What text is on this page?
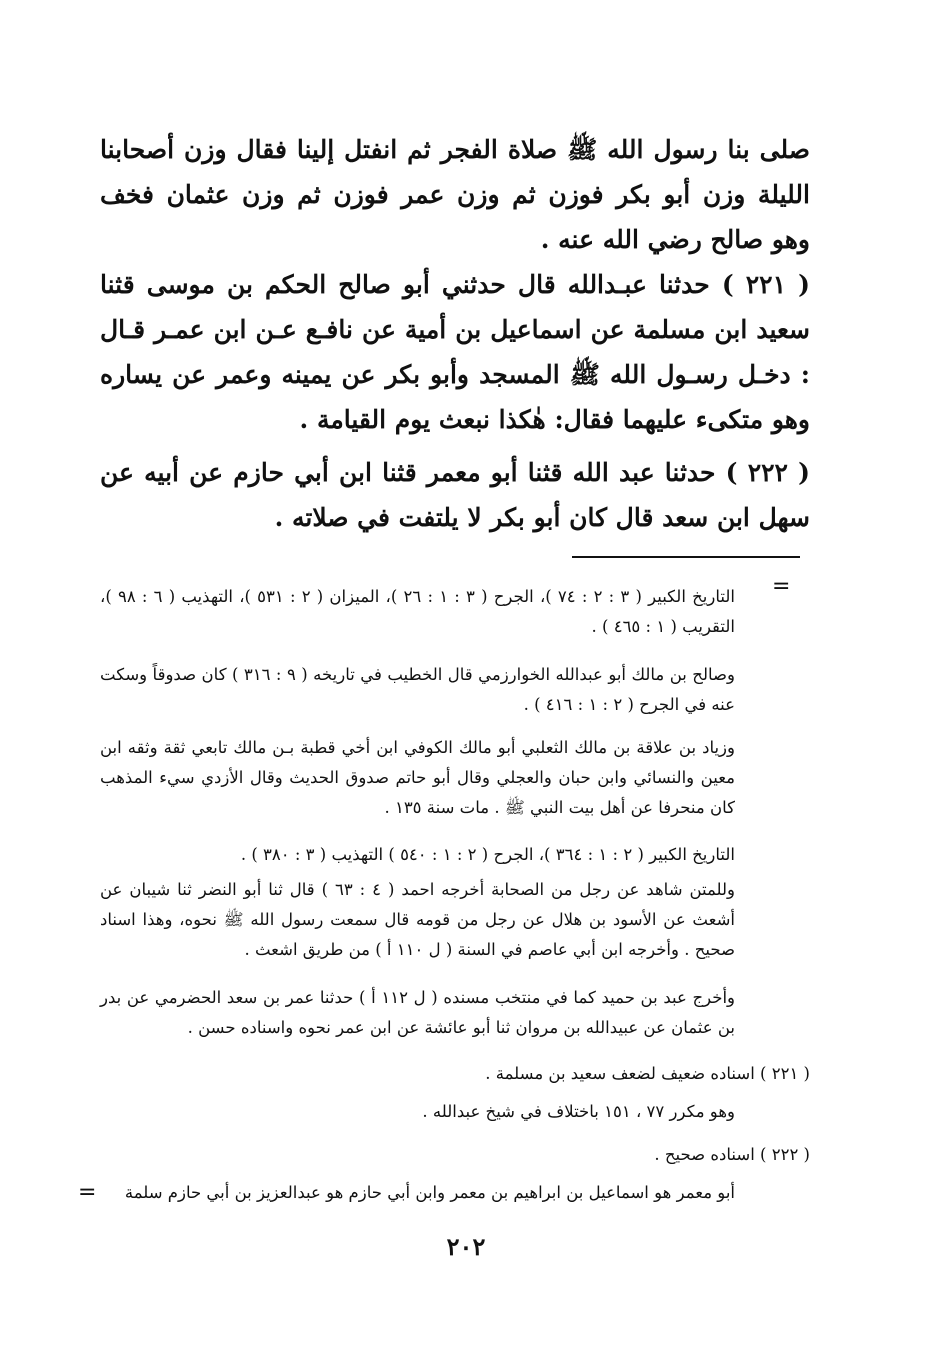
صلى بنا رسول الله ﷺ صلاة الفجر ثم انفتل إلينا فقال وزن أصحابنا الليلة وزن أبو بكر فوزن ثم وزن عمر فوزن ثم وزن عثمان فخف وهو صالح رضي الله عنه .

( ٢٢١ ) حدثنا عبـدالله قال حدثني أبو صالح الحكم بن موسى قثنا سعيد ابن مسلمة عن اسماعيل بن أمية عن نافـع عـن ابن عمـر قـال : دخـل رسـول الله ﷺ المسجد وأبو بكر عن يمينه وعمر عن يساره وهو متكىء عليهما فقال: هٰكذا نبعث يوم القيامة .

( ٢٢٢ ) حدثنا عبد الله قثنا أبو معمر قثنا ابن أبي حازم عن أبيه عن سهل ابن سعد قال كان أبو بكر لا يلتفت في صلاته .

=

التاريخ الكبير ( ٣ : ٢ : ٧٤ )، الجرح ( ٣ : ١ : ٢٦ )، الميزان ( ٢ : ٥٣١ )، التهذيب ( ٦ : ٩٨ )، التقريب ( ١ : ٤٦٥ ) .

وصالح بن مالك أبو عبدالله الخوارزمي قال الخطيب في تاريخه ( ٩ : ٣١٦ ) كان صدوقاً وسكت عنه في الجرح ( ٢ : ١ : ٤١٦ ) .

وزياد بن علاقة بن مالك الثعلبي أبو مالك الكوفي ابن أخي قطبة بـن مالك تابعي ثقة وثقه ابن معين والنسائي وابن حبان والعجلي وقال أبو حاتم صدوق الحديث وقال الأزدي سيء المذهب كان منحرفا عن أهل بيت النبي ﷺ . مات سنة ١٣٥ .

التاريخ الكبير ( ٢ : ١ : ٣٦٤ )، الجرح ( ٢ : ١ : ٥٤٠ ) التهذيب ( ٣ : ٣٨٠ ) .

وللمتن شاهد عن رجل من الصحابة أخرجه احمد ( ٤ : ٦٣ ) قال ثنا أبو النضر ثنا شيبان عن أشعث عن الأسود بن هلال عن رجل من قومه قال سمعت رسول الله ﷺ نحوه، وهذا اسناد صحيح . وأخرجه ابن أبي عاصم في السنة ( ل ١١٠ أ ) من طريق اشعث .

وأخرج عبد بن حميد كما في منتخب مسنده ( ل ١١٢ أ ) حدثنا عمر بن سعد الحضرمي عن بدر بن عثمان عن عبيدالله بن مروان ثنا أبو عائشة عن ابن عمر نحوه واسناده حسن .

( ٢٢١ ) اسناده ضعيف لضعف سعيد بن مسلمة .

وهو مكرر ٧٧ ، ١٥١ باختلاف في شيخ عبدالله .

( ٢٢٢ ) اسناده صحيح .

أبو معمر هو اسماعيل بن ابراهيم بن معمر وابن أبي حازم هو عبدالعزيز بن أبي حازم سلمة

=
٢٠٢
